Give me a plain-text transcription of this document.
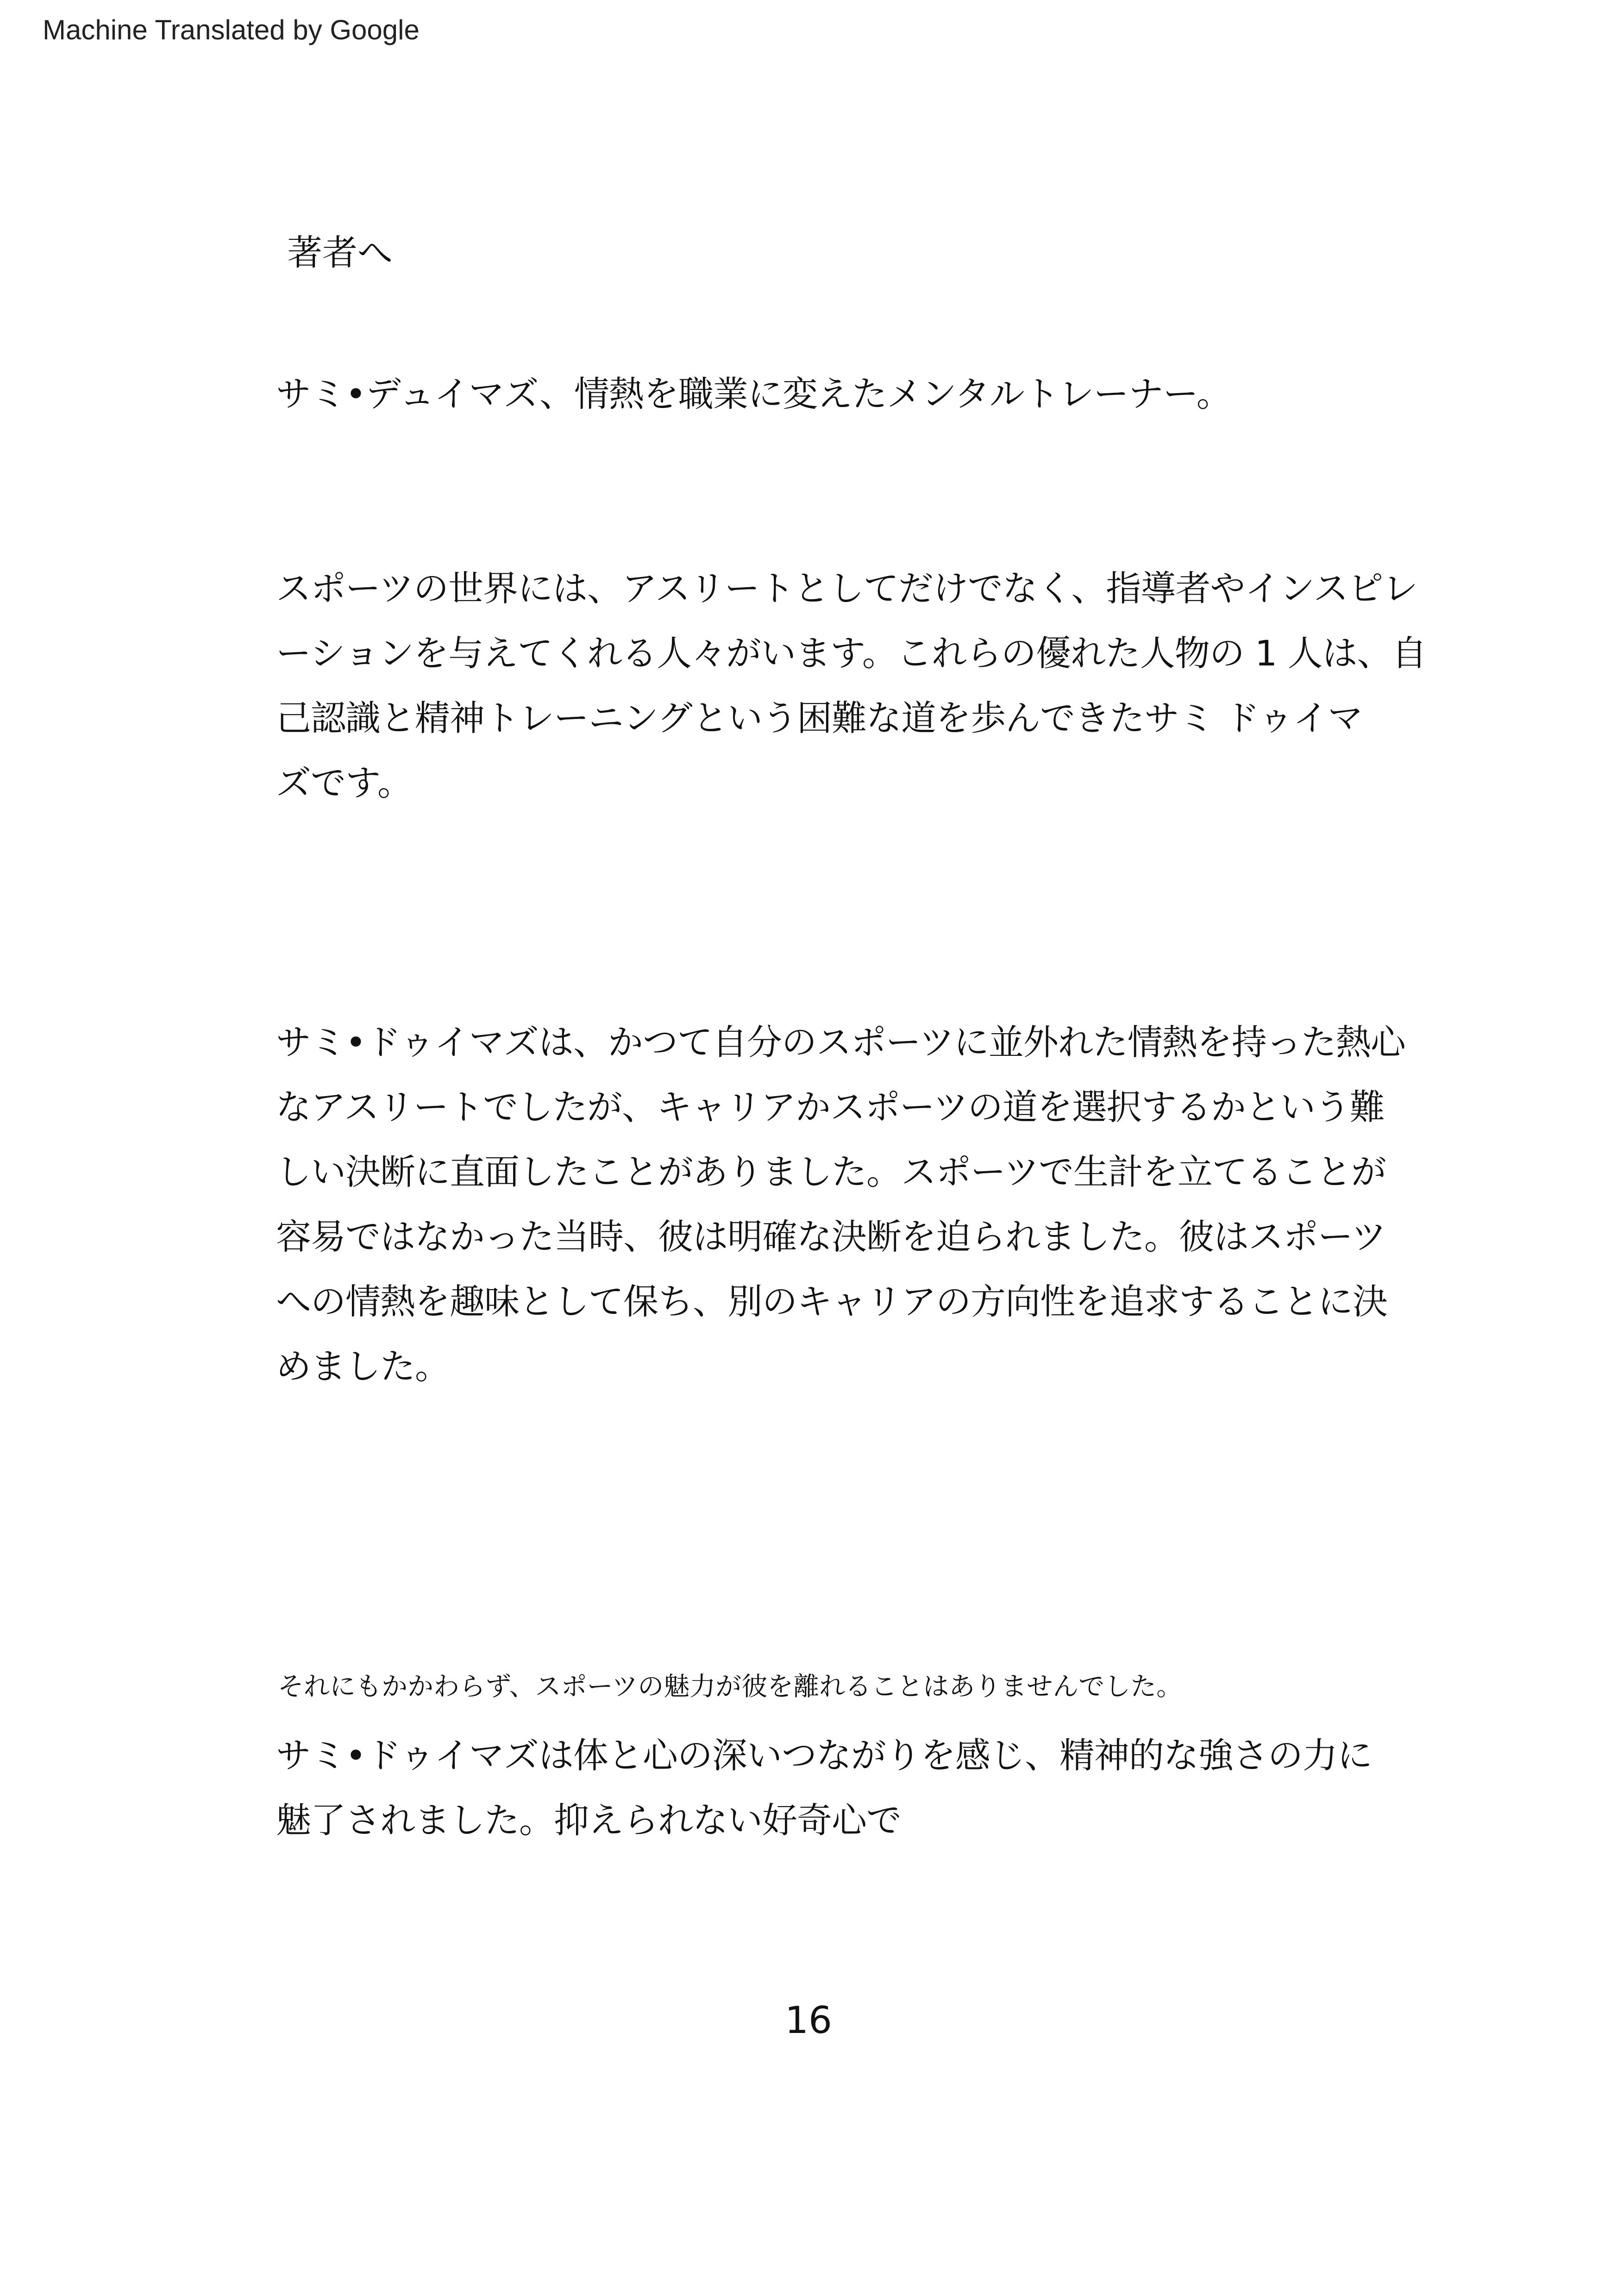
Machine Translated by Google
著者へ
サミ•デュイマズ、情熱を職業に変えたメンタルトレーナー。
スポーツの世界には、アスリートとしてだけでなく、指導者やインスピレ
ーションを与えてくれる人々がいます。これらの優れた人物の 1 人は、自
己認識と精神トレーニングという困難な道を歩んできたサミ ドゥイマ
ズです。
サミ•ドゥイマズは、かつて自分のスポーツに並外れた情熱を持った熱心
なアスリートでしたが、キャリアかスポーツの道を選択するかという難
しい決断に直面したことがありました。スポーツで生計を立てることが
容易ではなかった当時、彼は明確な決断を迫られました。彼はスポーツ
への情熱を趣味として保ち、別のキャリアの方向性を追求することに決
めました。
それにもかかわらず、スポーツの魅力が彼を離れることはありませんでした。
サミ•ドゥイマズは体と心の深いつながりを感じ、精神的な強さの力に
魅了されました。抑えられない好奇心で
16
